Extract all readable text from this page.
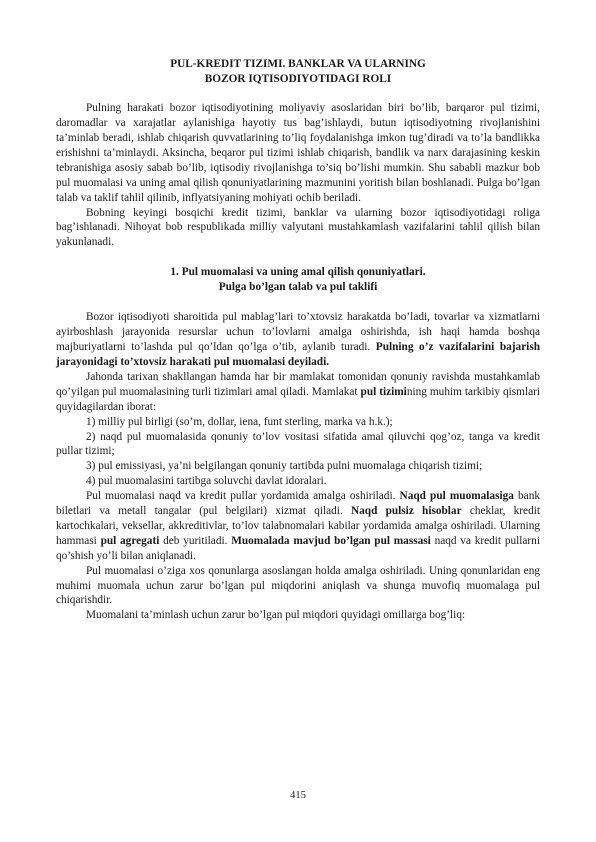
PUL-KREDIT TIZIMI. BANKLAR VA ULARNING
BOZOR IQTISODIYOTIDAGI ROLI

Pulning harakati bozor iqtisodiyotining moliyaviy asoslaridan biri bo’lib, barqaror pul tizimi, daromadlar va xarajatlar aylanishiga hayotiy tus bag’ishlaydi, butun iqtisodiyotning rivojlanishini ta’minlab beradi, ishlab chiqarish quvvatlarining to’liq foydalanishga imkon tug’diradi va to’la bandlikka erishishni ta’minlaydi. Aksincha, beqaror pul tizimi ishlab chiqarish, bandlik va narx darajasining keskin tebranishiga asosiy sabab bo’lib, iqtisodiy rivojlanishga to’siq bo’lishi mumkin. Shu sababli mazkur bob pul muomalasi va uning amal qilish qonuniyatlarining mazmunini yoritish bilan boshlanadi. Pulga bo’lgan talab va taklif tahlil qilinib, inflyatsiyaning mohiyati ochib beriladi.

Bobning keyingi bosqichi kredit tizimi, banklar va ularning bozor iqtisodiyotidagi roliga bag’ishlanadi. Nihoyat bob respublikada milliy valyutani mustahkamlash vazifalarini tahlil qilish bilan yakunlanadi.

1. Pul muomalasi va uning amal qilish qonuniyatlari.
Pulga bo’lgan talab va pul taklifi

Bozor iqtisodiyoti sharoitida pul mablag’lari to’xtovsiz harakatda bo’ladi, tovarlar va xizmatlarni ayirboshlash jarayonida resurslar uchun to’lovlarni amalga oshirishda, ish haqi hamda boshqa majburiyatlarni to’lashda pul qo’ldan qo’lga o’tib, aylanib turadi. Pulning o’z vazifalarini bajarish jarayonidagi to’xtovsiz harakati pul muomalasi deyiladi.

Jahonda tarixan shakllangan hamda har bir mamlakat tomonidan qonuniy ravishda mustahkamlab qo’yilgan pul muomalasining turli tizimlari amal qiladi. Mamlakat pul tizimining muhim tarkibiy qismlari quyidagilardan iborat:

1) milliy pul birligi (so’m, dollar, iena, funt sterling, marka va h.k.);

2) naqd pul muomalasida qonuniy to’lov vositasi sifatida amal qiluvchi qog’oz, tanga va kredit pullar tizimi;

3) pul emissiyasi, ya’ni belgilangan qonuniy tartibda pulni muomalaga chiqarish tizimi;

4) pul muomalasini tartibga soluvchi davlat idoralari.

Pul muomalasi naqd va kredit pullar yordamida amalga oshiriladi. Naqd pul muomalasiga bank biletlari va metall tangalar (pul belgilari) xizmat qiladi. Naqd pulsiz hisoblar cheklar, kredit kartochkalari, veksellar, akkreditivlar, to’lov talabnomalari kabilar yordamida amalga oshiriladi. Ularning hammasi pul agregati deb yuritiladi. Muomalada mavjud bo’lgan pul massasi naqd va kredit pullarni qo’shish yo’li bilan aniqlanadi.

Pul muomalasi o’ziga xos qonunlarga asoslangan holda amalga oshiriladi. Uning qonunlaridan eng muhimi muomala uchun zarur bo’lgan pul miqdorini aniqlash va shunga muvofiq muomalaga pul chiqarishdir.

Muomalani ta’minlash uchun zarur bo’lgan pul miqdori quyidagi omillarga bog’liq:

415
